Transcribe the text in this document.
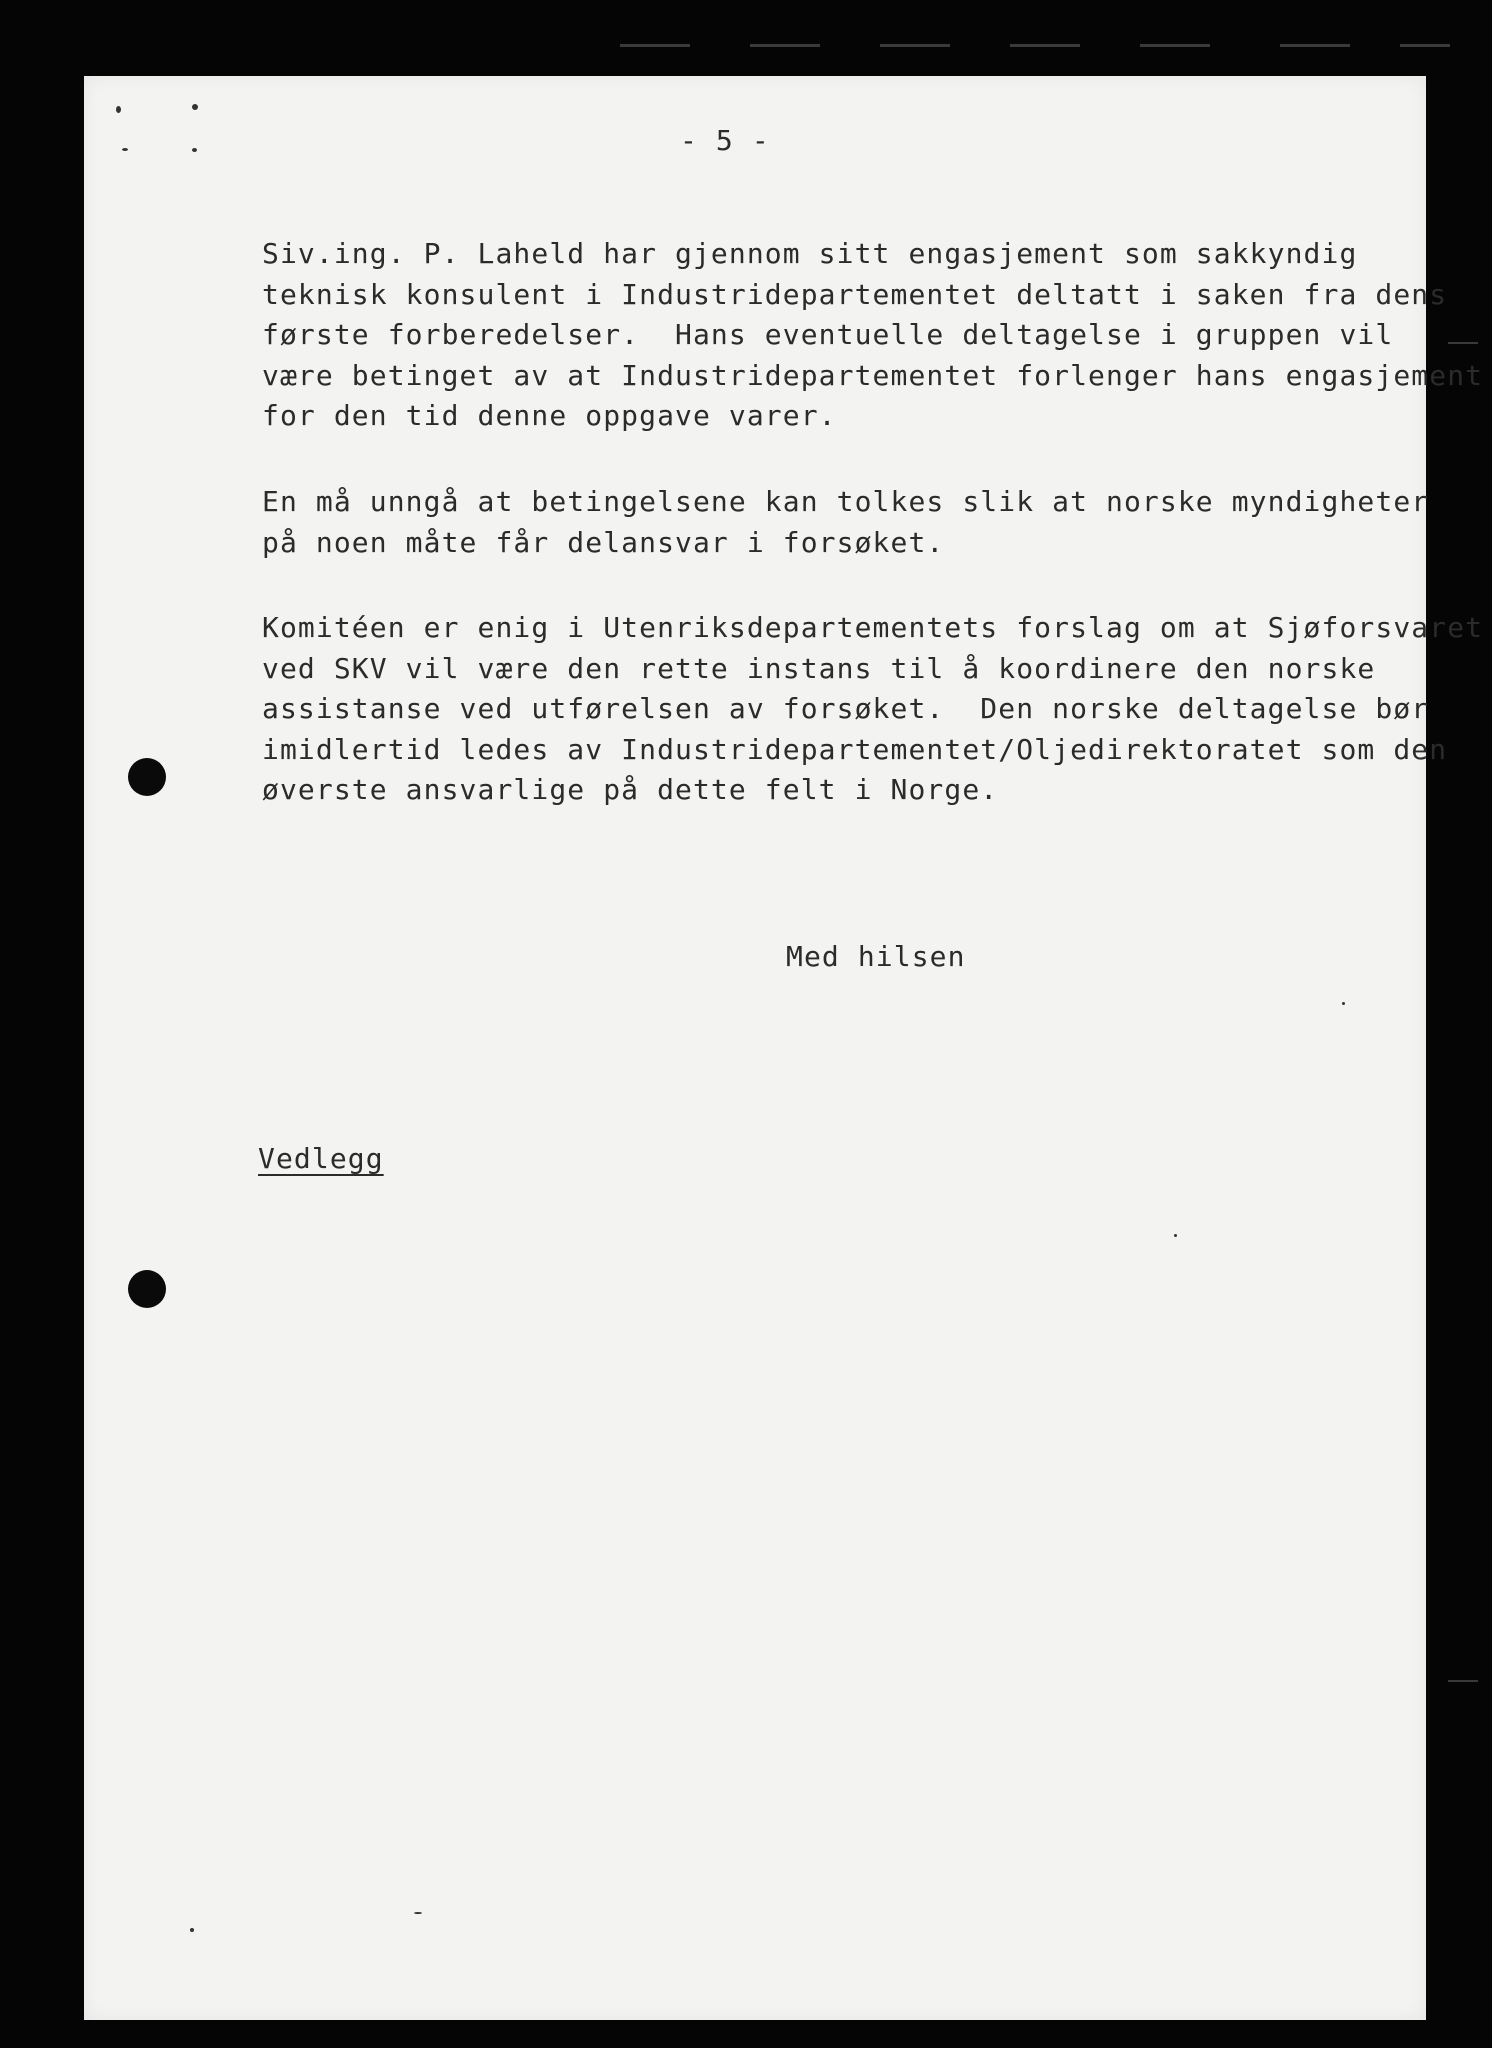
- 5 -
Siv.ing. P. Laheld har gjennom sitt engasjement som sakkyndig
teknisk konsulent i Industridepartementet deltatt i saken fra dens
første forberedelser.  Hans eventuelle deltagelse i gruppen vil
være betinget av at Industridepartementet forlenger hans engasjement
for den tid denne oppgave varer.
En må unngå at betingelsene kan tolkes slik at norske myndigheter
på noen måte får delansvar i forsøket.
Komitéen er enig i Utenriksdepartementets forslag om at Sjøforsvaret
ved SKV vil være den rette instans til å koordinere den norske
assistanse ved utførelsen av forsøket.  Den norske deltagelse bør
imidlertid ledes av Industridepartementet/Oljedirektoratet som den
øverste ansvarlige på dette felt i Norge.
Med hilsen
Vedlegg
